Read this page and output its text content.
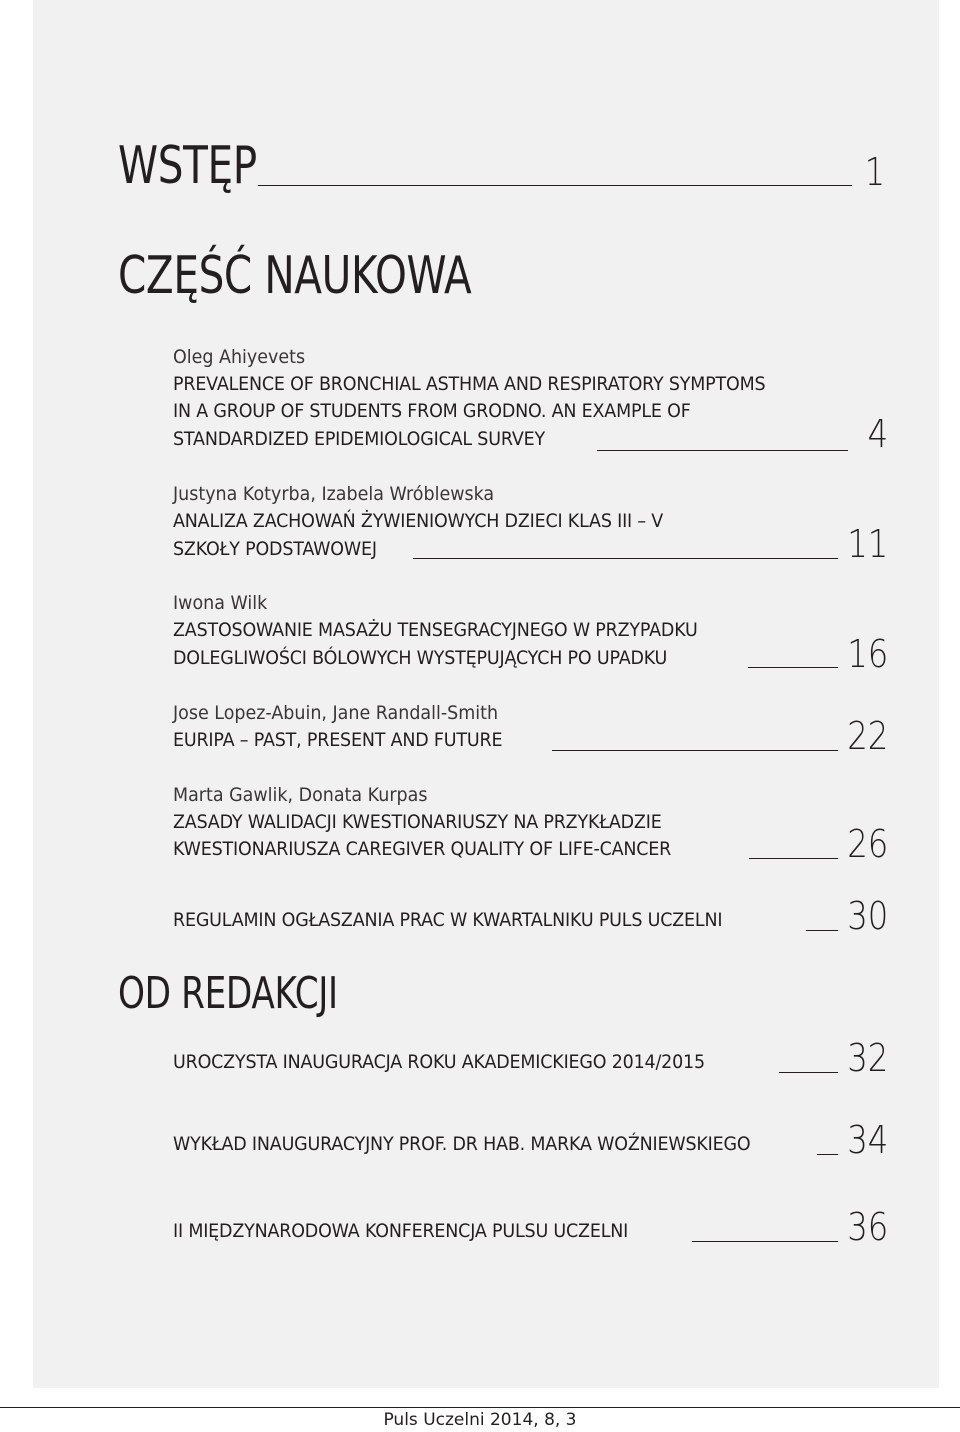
WSTĘP	1
CZĘŚĆ NAUKOWA
Oleg Ahiyevets
PREVALENCE OF BRONCHIAL ASTHMA AND RESPIRATORY SYMPTOMS
IN A GROUP OF STUDENTS FROM GRODNO. AN EXAMPLE OF
STANDARDIZED EPIDEMIOLOGICAL SURVEY	4
Justyna Kotyrba, Izabela Wróblewska
ANALIZA ZACHOWAŃ ŻYWIENIOWYCH DZIECI KLAS III – V
SZKOŁY PODSTAWOWEJ	11
Iwona Wilk
ZASTOSOWANIE MASAŻU TENSEGRACYJNEGO W PRZYPADKU
DOLEGLIWOŚCI BÓLOWYCH WYSTĘPUJĄCYCH PO UPADKU	16
Jose Lopez-Abuin, Jane Randall-Smith
EURIPA – PAST, PRESENT AND FUTURE	22
Marta Gawlik, Donata Kurpas
ZASADY WALIDACJI KWESTIONARIUSZY NA PRZYKŁADZIE
KWESTIONARIUSZA CAREGIVER QUALITY OF LIFE-CANCER	26
REGULAMIN OGŁASZANIA PRAC W KWARTALNIKU PULS UCZELNI	30
OD REDAKCJI
UROCZYSTA INAUGURACJA ROKU AKADEMICKIEGO 2014/2015	32
WYKŁAD INAUGURACYJNY PROF. DR HAB. MARKA WOŹNIEWSKIEGO	34
II MIĘDZYNARODOWA KONFERENCJA PULSU UCZELNI	36
Puls Uczelni 2014, 8, 3
